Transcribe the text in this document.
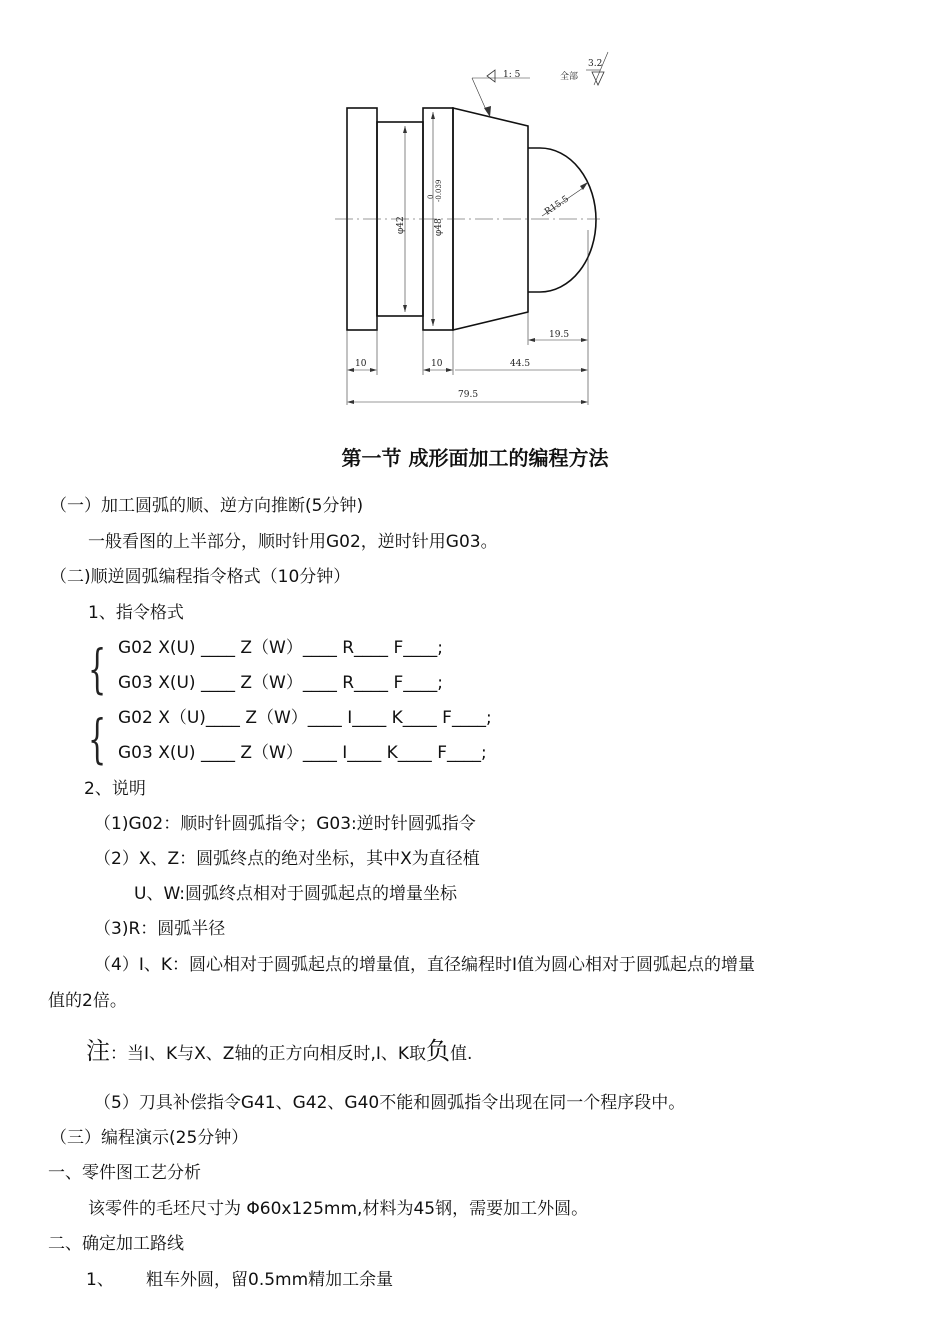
1: 5	全部
3.2
φ42	φ48
0 -0.039
R15.5
10	10	44.5
19.5
79.5
第一节 成形面加工的编程方法
（一）加工圆弧的顺、逆方向推断(5分钟)
一般看图的上半部分，顺时针用G02，逆时针用G03。
（二)顺逆圆弧编程指令格式（10分钟）
1、指令格式
{ G02 X(U) ____ Z（W）____ R____ F____;
G03 X(U) ____ Z（W）____ R____ F____;
{ G02 X（U)____ Z（W）____ I____ K____ F____;
G03 X(U) ____ Z（W）____ I____ K____ F____;
2、说明
（1)G02：顺时针圆弧指令；G03:逆时针圆弧指令
（2）X、Z：圆弧终点的绝对坐标，其中X为直径植
U、W:圆弧终点相对于圆弧起点的增量坐标
（3)R：圆弧半径
（4）I、K：圆心相对于圆弧起点的增量值，直径编程时I值为圆心相对于圆弧起点的增量
值的2倍。
注：当I、K与X、Z轴的正方向相反时,I、K取负值.
（5）刀具补偿指令G41、G42、G40不能和圆弧指令出现在同一个程序段中。
（三）编程演示(25分钟）
一、零件图工艺分析
该零件的毛坯尺寸为 Φ60x125mm,材料为45钢，需要加工外圆。
二、确定加工路线
1、 粗车外圆，留0.5mm精加工余量
